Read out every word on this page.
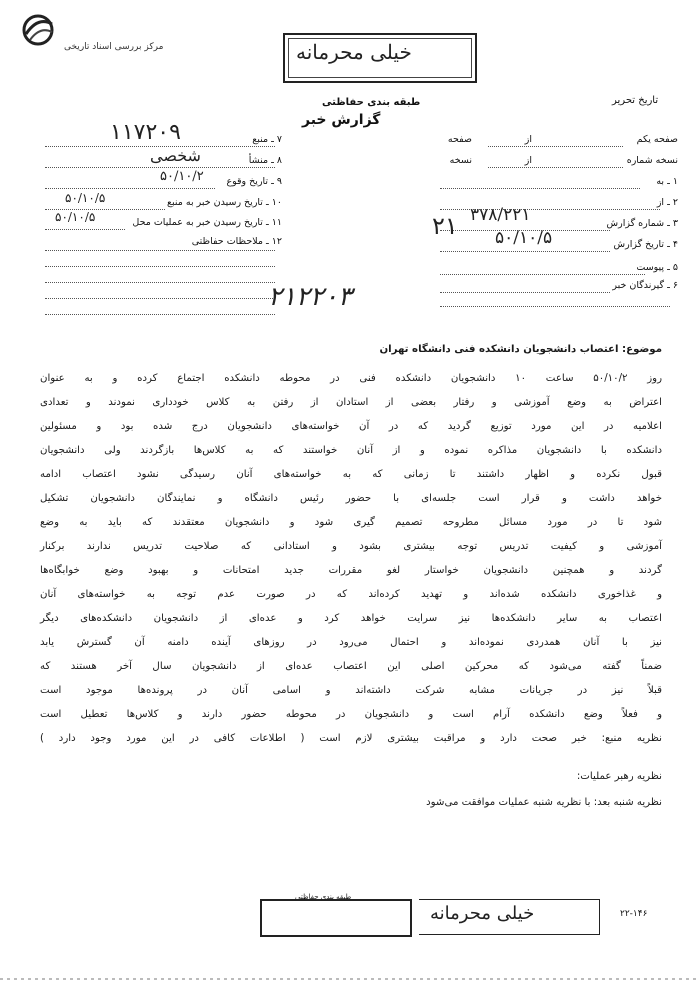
مرکز بررسی اسناد تاریخی	خیلی محرمانه
طبقه بندی حفاظتی
گزارش خبر
تاریخ تحریر
۷ ـ منبع
۱۱۷۲۰۹
۸ ـ منشأ
شخصی
۹ ـ تاریخ وقوع
۵۰/۱۰/۲
۱۰ ـ تاریخ رسیدن خبر به منبع
۵۰/۱۰/۵
۱۱ ـ تاریخ رسیدن خبر به عملیات محل
۵۰/۱۰/۵
۱۲ ـ ملاحظات حفاظتی
صفحه یکم
از
صفحه
نسخه شماره
از
نسخه
۱ ـ به
۲ ـ از
۳ ـ شماره گزارش
۳۷۸/۲۲۱
۴ ـ تاریخ گزارش
۵۰/۱۰/۵
۵ ـ پیوست
۶ ـ گیرندگان خبر
۲۱
۲۱۲۲۰۳
موضوع: اعتصاب دانشجویان دانشکده فنی دانشگاه تهران
روز ۵۰/۱۰/۲ ساعت ۱۰ دانشجویان دانشکده فنی در محوطه دانشکده اجتماع کرده و به عنوان
اعتراض به وضع آموزشی و رفتار بعضی از استادان از رفتن به کلاس خودداری نمودند و تعدادی
اعلامیه در این مورد توزیع گردید که در آن خواسته‌های دانشجویان درج شده بود و مسئولین
دانشکده با دانشجویان مذاکره نموده و از آنان خواستند که به کلاس‌ها بازگردند ولی دانشجویان
قبول نکرده و اظهار داشتند تا زمانی که به خواسته‌های آنان رسیدگی نشود اعتصاب ادامه
خواهد داشت و قرار است جلسه‌ای با حضور رئیس دانشگاه و نمایندگان دانشجویان تشکیل
شود تا در مورد مسائل مطروحه تصمیم گیری شود و دانشجویان معتقدند که باید به وضع
آموزشی و کیفیت تدریس توجه بیشتری بشود و استادانی که صلاحیت تدریس ندارند برکنار
گردند و همچنین دانشجویان خواستار لغو مقررات جدید امتحانات و بهبود وضع خوابگاه‌ها
و غذاخوری دانشکده شده‌اند و تهدید کرده‌اند که در صورت عدم توجه به خواسته‌های آنان
اعتصاب به سایر دانشکده‌ها نیز سرایت خواهد کرد و عده‌ای از دانشجویان دانشکده‌های دیگر
نیز با آنان همدردی نموده‌اند و احتمال می‌رود در روزهای آینده دامنه آن گسترش یابد
ضمناً گفته می‌شود که محرکین اصلی این اعتصاب عده‌ای از دانشجویان سال آخر هستند که
قبلاً نیز در جریانات مشابه شرکت داشته‌اند و اسامی آنان در پرونده‌ها موجود است
و فعلاً وضع دانشکده آرام است و دانشجویان در محوطه حضور دارند و کلاس‌ها تعطیل است
نظریه منبع: خبر صحت دارد و مراقبت بیشتری لازم است ( اطلاعات کافی در این مورد وجود دارد )
نظریه رهبر عملیات:
نظریه شنبه بعد: با نظریه شنبه عملیات موافقت می‌شود
طبقه بندی حفاظتی
خیلی محرمانه	۲۲-۱۴۶
